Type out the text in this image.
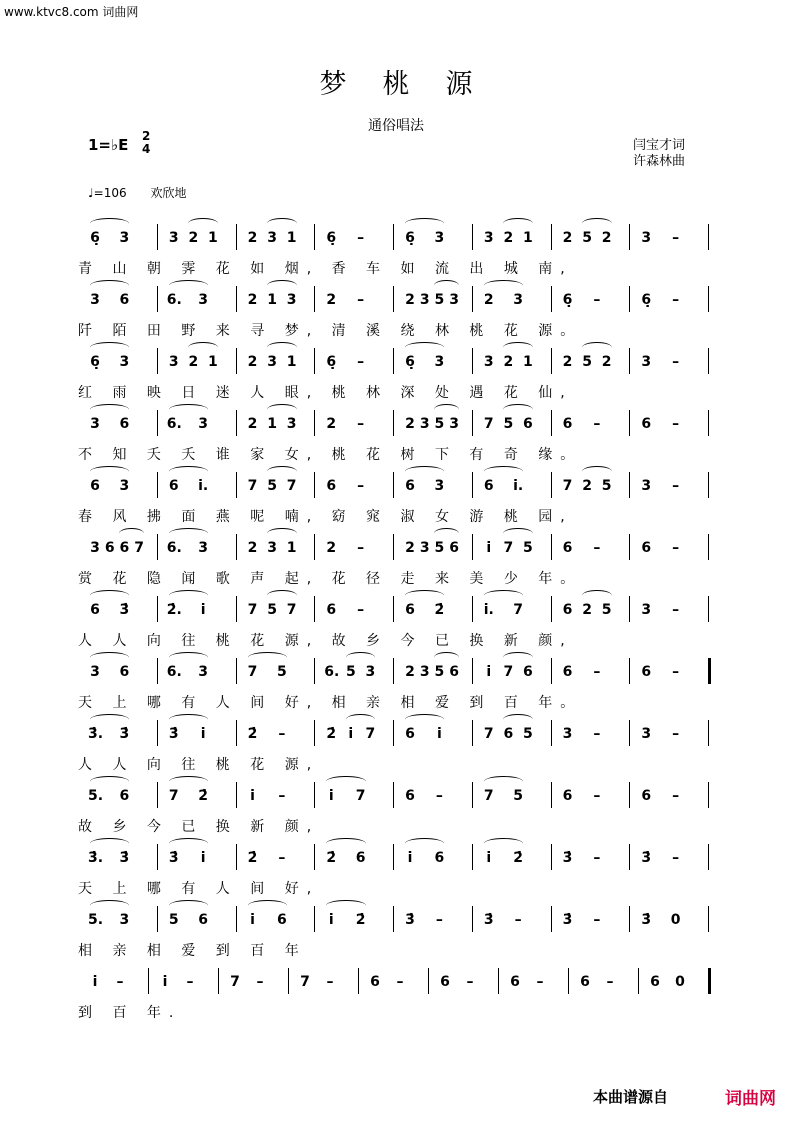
www.ktvc8.com 词曲网
梦桃源
通俗唱法
1=♭E 2
4	闫宝才词
许森林曲
♩=106 欢欣地
6̣ 3	3 2 1 2 3 1 6̣ –	6̣ 3	3 2 1 2 5 2 3 –
青 山 朝 霁 花 如 烟, 香 车 如 流 出 城 南,
3 6	6. 3	2 1 3 2 –	2 3 5 3 2 3	6̣ –	6̣ –
阡 陌 田 野 来 寻 梦, 清 溪 绕 林 桃 花 源。
6̣ 3	3 2 1 2 3 1 6̣ –	6̣ 3	3 2 1 2 5 2 3 –
红 雨 映 日 迷 人 眼, 桃 林 深 处 遇 花 仙,
3 6	6. 3	2 1 3 2 –	2 3 5 3 7 5 6 6 –	6 –
不 知 夭 夭 谁 家 女, 桃 花 树 下 有 奇 缘。
6 3	6 i.	7 5 7 6 –	6 3	6 i.	7 2 5 3 –
春 风 拂 面 燕 呢 喃, 窈 窕 淑 女 游 桃 园,
3 6 6 7 6. 3	2 3 1 2 –	2 3 5 6	i 7 5 6 –	6 –
赏 花 隐 闻 歌 声 起, 花 径 走 来 美 少 年。
6 3̇	2̇.	i	7 5 7 6 –	6 2̇	i. 7	6 2 5 3 –
人 人 向 往 桃 花 源, 故 乡 今 已 换 新 颜,
3 6	6. 3	7 5	6. 5 3 2 3 5 6	i 7 6 6 –	6 –
天 上 哪 有 人 间 好, 相 亲 相 爱 到 百 年。
3̇. 3̇	3̇	i	2̇ –	2̇ i 7 6	i	7 6 5 3 –	3 –
人 人 向 往 桃 花 源,
5. 6	7 2̇	i	–	i	7	6 –	7 5	6 –	6 –
故 乡 今 已 换 新 颜,
3̇. 3̇	3̇	i	2̇ –	2̇ 6	i	6	i	2̇	3̇ –	3̇ –
天 上 哪 有 人 间 好,
5. 3	5 6	i	6	i	2̇	3̇ –	3̇ –	3̇ –	3̇ 0
相 亲 相 爱 到 百 年
i	–	i	–	7 –	7 –	6 –	6 –	6 –	6 –	6 0
到 百 年.
本曲谱源自	词曲网
